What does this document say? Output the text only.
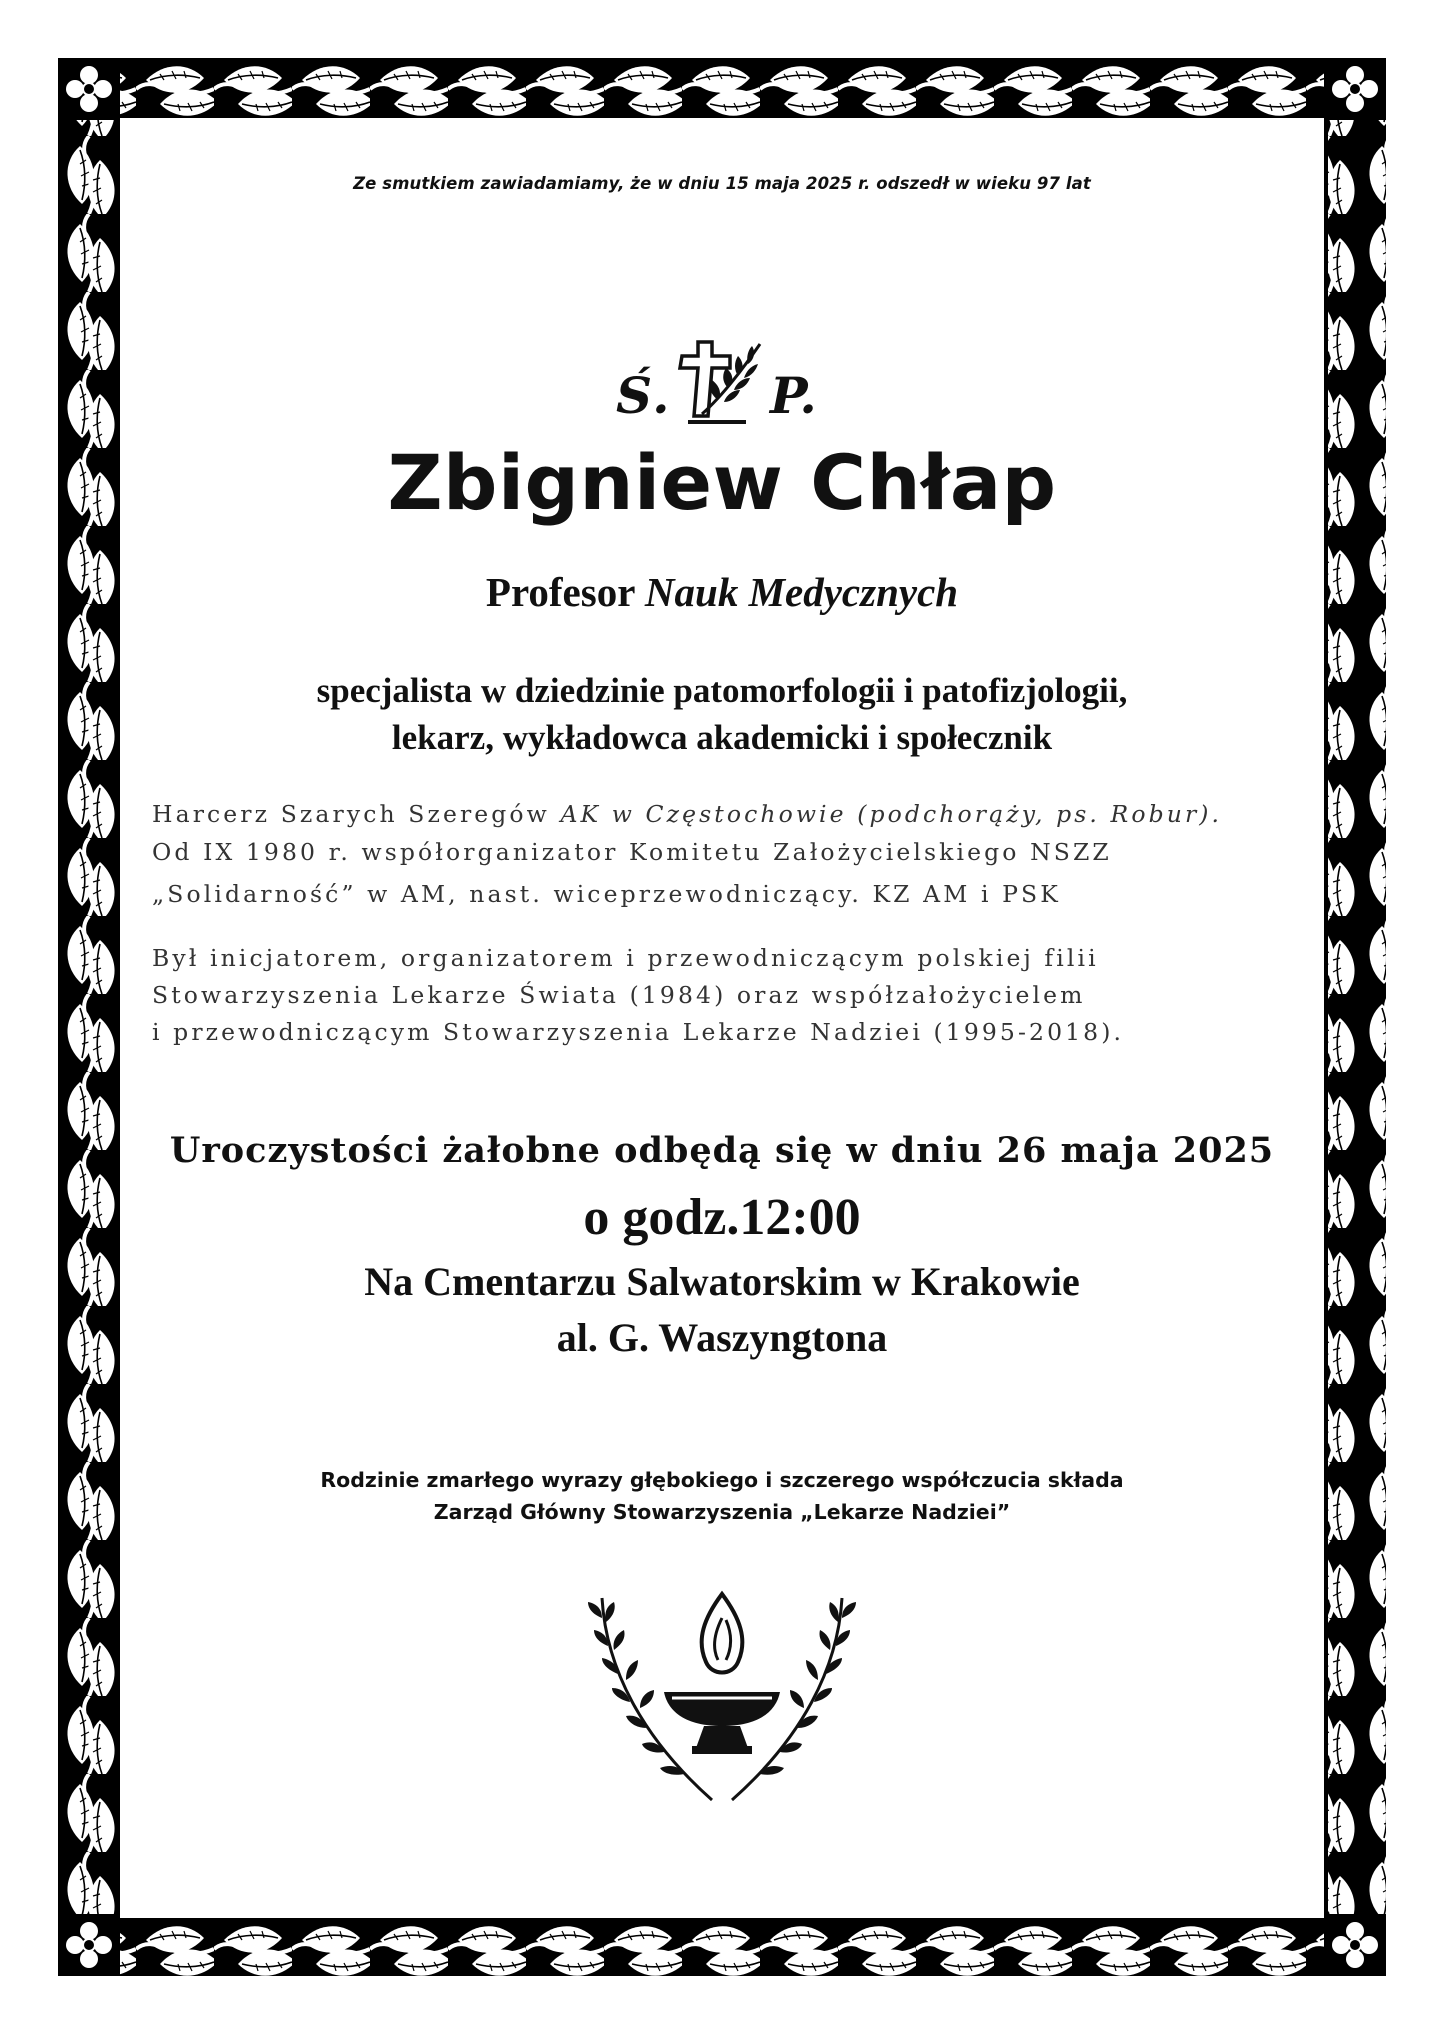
Ze smutkiem zawiadamiamy, że w dniu 15 maja 2025 r. odszedł w wieku 97 lat
Ś. P.
Zbigniew Chłap
Profesor Nauk Medycznych
specjalista w dziedzinie patomorfologii i patofizjologii,
lekarz, wykładowca akademicki i społecznik
Harcerz Szarych Szeregów AK w Częstochowie (podchorąży, ps. Robur).
Od IX 1980 r. współorganizator Komitetu Założycielskiego NSZZ
„Solidarność” w AM, nast. wiceprzewodniczący. KZ AM i PSK
Był inicjatorem, organizatorem i przewodniczącym polskiej filii
Stowarzyszenia Lekarze Świata (1984) oraz współzałożycielem
i przewodniczącym Stowarzyszenia Lekarze Nadziei (1995-2018).
Uroczystości żałobne odbędą się w dniu 26 maja 2025
o godz.12:00
Na Cmentarzu Salwatorskim w Krakowie
al. G. Waszyngtona
Rodzinie zmarłego wyrazy głębokiego i szczerego współczucia składa
Zarząd Główny Stowarzyszenia „Lekarze Nadziei”
